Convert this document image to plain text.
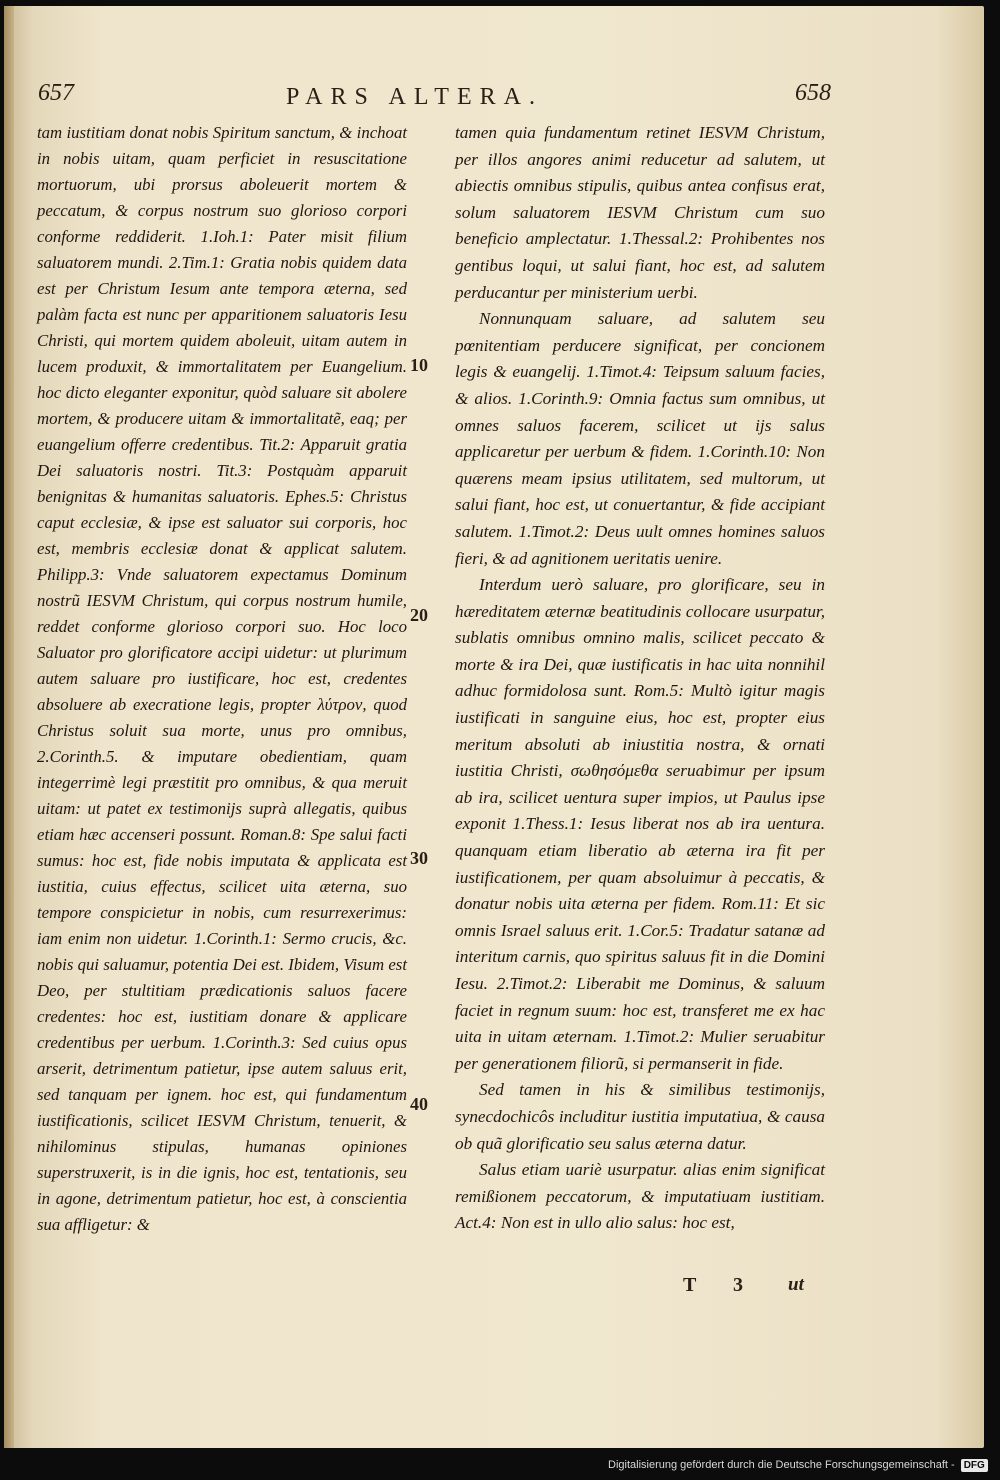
657	PARS ALTERA.	658

tam iustitiam donat nobis Spiritum sanctum, & inchoat in nobis uitam, quam perficiet in resuscitatione mortuorum, ubi prorsus aboleuerit mortem & peccatum, & corpus nostrum suo glorioso corpori conforme reddiderit. 1.Ioh.1: Pater misit filium saluatorem mundi. 2.Tim.1: Gratia nobis quidem data est per Christum Iesum ante tempora æterna, sed palàm facta est nunc per apparitionem saluatoris Iesu Christi, qui mortem quidem aboleuit, uitam autem in lucem produxit, & immortalitatem per Euangelium. hoc dicto eleganter exponitur, quòd saluare sit abolere mortem, & producere uitam & immortalitatẽ, eaq; per euangelium offerre credentibus. Tit.2: Apparuit gratia Dei saluatoris nostri. Tit.3: Postquàm apparuit benignitas & humanitas saluatoris. Ephes.5: Christus caput ecclesiæ, & ipse est saluator sui corporis, hoc est, membris ecclesiæ donat & applicat salutem. Philipp.3: Vnde saluatorem expectamus Dominum nostrũ IESVM Christum, qui corpus nostrum humile, reddet conforme glorioso corpori suo. Hoc loco Saluator pro glorificatore accipi uidetur: ut plurimum autem saluare pro iustificare, hoc est, credentes absoluere ab execratione legis, propter λύτρον, quod Christus soluit sua morte, unus pro omnibus, 2.Corinth.5. & imputare obedientiam, quam integerrimè legi præstitit pro omnibus, & qua meruit uitam: ut patet ex testimonijs suprà allegatis, quibus etiam hæc accenseri possunt. Roman.8: Spe salui facti sumus: hoc est, fide nobis imputata & applicata est iustitia, cuius effectus, scilicet uita æterna, suo tempore conspicietur in nobis, cum resurrexerimus: iam enim non uidetur. 1.Corinth.1: Sermo crucis, &c. nobis qui saluamur, potentia Dei est. Ibidem, Visum est Deo, per stultitiam prædicationis saluos facere credentes: hoc est, iustitiam donare & applicare credentibus per uerbum. 1.Corinth.3: Sed cuius opus arserit, detrimentum patietur, ipse autem saluus erit, sed tanquam per ignem. hoc est, qui fundamentum iustificationis, scilicet IESVM Christum, tenuerit, & nihilominus stipulas, humanas opiniones superstruxerit, is in die ignis, hoc est, tentationis, seu in agone, detrimentum patietur, hoc est, à conscientia sua affligetur: &

tamen quia fundamentum retinet IESVM Christum, per illos angores animi reducetur ad salutem, ut abiectis omnibus stipulis, quibus antea confisus erat, solum saluatorem IESVM Christum cum suo beneficio amplectatur. 1.Thessal.2: Prohibentes nos gentibus loqui, ut salui fiant, hoc est, ad salutem perducantur per ministerium uerbi.

Nonnunquam saluare, ad salutem seu pœnitentiam perducere significat, per concionem legis & euangelij. 1.Timot.4: Teipsum saluum facies, & alios. 1.Corinth.9: Omnia factus sum omnibus, ut omnes saluos facerem, scilicet ut ijs salus applicaretur per uerbum & fidem. 1.Corinth.10: Non quærens meam ipsius utilitatem, sed multorum, ut salui fiant, hoc est, ut conuertantur, & fide accipiant salutem. 1.Timot.2: Deus uult omnes homines saluos fieri, & ad agnitionem ueritatis uenire.

Interdum uerò saluare, pro glorificare, seu in hæreditatem æternæ beatitudinis collocare usurpatur, sublatis omnibus omnino malis, scilicet peccato & morte & ira Dei, quæ iustificatis in hac uita nonnihil adhuc formidolosa sunt. Rom.5: Multò igitur magis iustificati in sanguine eius, hoc est, propter eius meritum absoluti ab iniustitia nostra, & ornati iustitia Christi, σωθησόμεθα seruabimur per ipsum ab ira, scilicet uentura super impios, ut Paulus ipse exponit 1.Thess.1: Iesus liberat nos ab ira uentura. quanquam etiam liberatio ab æterna ira fit per iustificationem, per quam absoluimur à peccatis, & donatur nobis uita æterna per fidem. Rom.11: Et sic omnis Israel saluus erit. 1.Cor.5: Tradatur satanæ ad interitum carnis, quo spiritus saluus fit in die Domini Iesu. 2.Timot.2: Liberabit me Dominus, & saluum faciet in regnum suum: hoc est, transferet me ex hac uita in uitam æternam. 1.Timot.2: Mulier seruabitur per generationem filiorũ, si permanserit in fide.

Sed tamen in his & similibus testimonijs, synecdochicôs includitur iustitia imputatiua, & causa ob quã glorificatio seu salus æterna datur.

Salus etiam uariè usurpatur. alias enim significat remißionem peccatorum, & imputatiuam iustitiam. Act.4: Non est in ullo alio salus: hoc est,

10
20
30
40
T 3 ut
Digitalisierung gefördert durch die Deutsche Forschungsgemeinschaft - DFG
